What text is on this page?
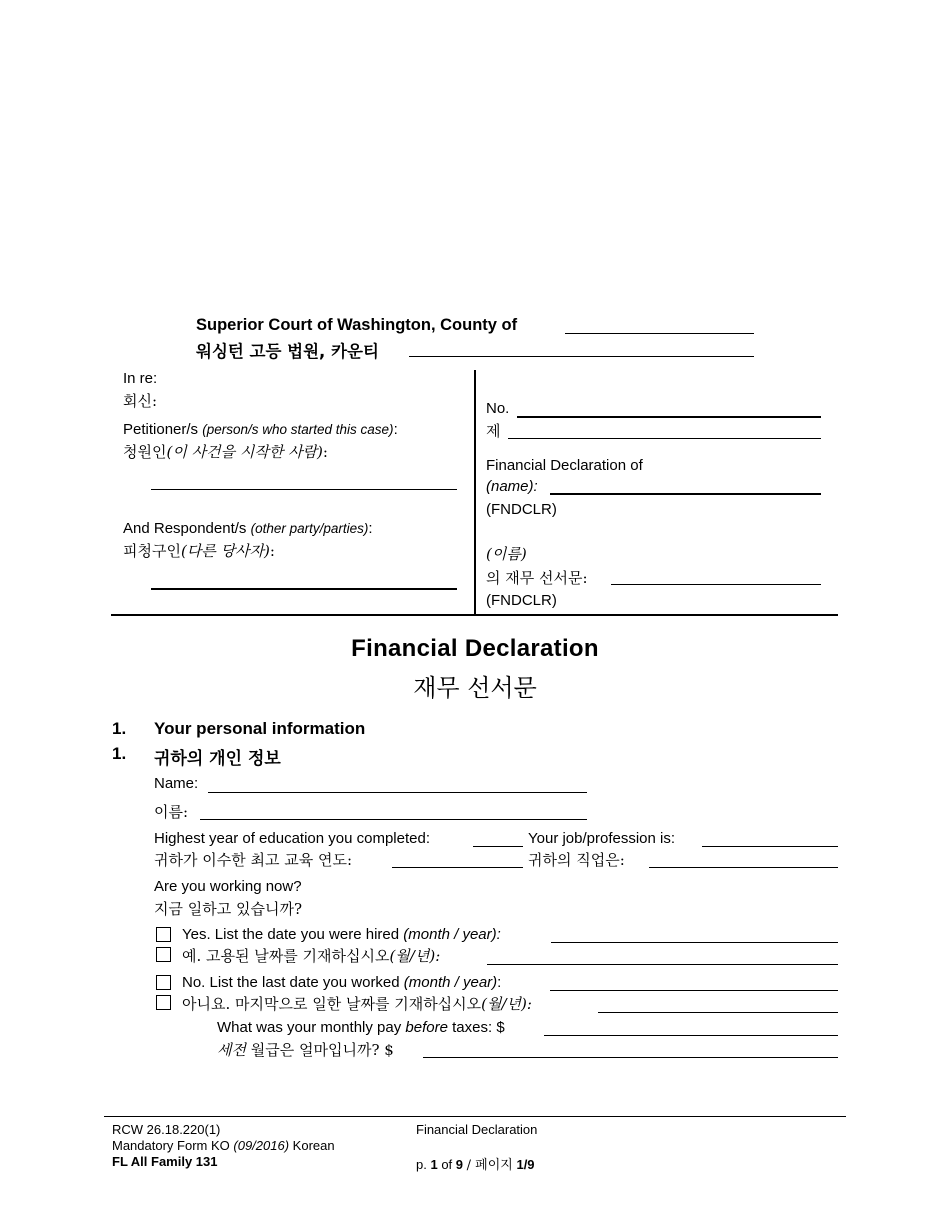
Superior Court of Washington, County of
워싱턴 고등 법원, 카운티
In re:
회신:
Petitioner/s (person/s who started this case):
청원인(이 사건을 시작한 사람):
And Respondent/s (other party/parties):
피청구인(다른 당사자):
No.
제
Financial Declaration of
(name):
(FNDCLR)
(이름)
의 재무 선서문:
(FNDCLR)
Financial Declaration
재무 선서문
1. Your personal information
1. 귀하의 개인 정보
Name:
이름:
Highest year of education you completed:	Your job/profession is:
귀하가 이수한 최고 교육 연도:	귀하의 직업은:
Are you working now?
지금 일하고 있습니까?
Yes. List the date you were hired (month / year):
예. 고용된 날짜를 기재하십시오(월/년):
No. List the last date you worked (month / year):
아니요. 마지막으로 일한 날짜를 기재하십시오(월/년):
What was your monthly pay before taxes: $
세전 월급은 얼마입니까? $
RCW 26.18.220(1)
Mandatory Form KO (09/2016) Korean
FL All Family 131
Financial Declaration
p. 1 of 9 / 페이지 1/9
